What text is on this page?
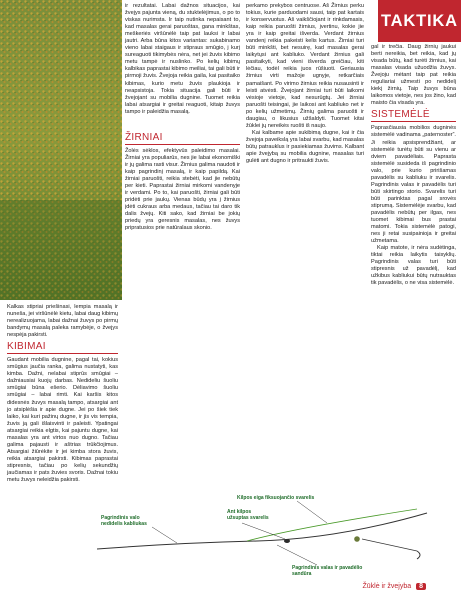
TAKTIKA

Kalkas stipriai priešinasi, lempia masalą ir nuneša, jei viršūnėlė kietu, labai daug kibimų nerealizuojama, labai dažnai žuvys po pirmų bandymų masalą paleka ramybėje, o žvejys nespėja pakirsti.

KIBIMAI

Gaudant mobilia dugnine, pagal tai, kokius smūgius jaučia ranka, galima nustatyti, kas kimba. Dažni, nelabai stiprūs smūgiai – dažniausiai kuojų darbas. Nedideliu šuoliu smūgiai būna ešerio. Dėliavimo šuoliu smūgiai – labai rimti. Kai karšis kitos didesnės žuvys masalą tampo, atsargiai ant jo atsiplėšia ir apie dugne. Jei po šiek tiek laiko, kai kuri pažinų dugne, ir jis vis tempia, žuvis ją gali išlaisvinti ir paleisti. Ypatingai atsargiai reikia elgtis, kai pajuntu dugne, kai masalas yra ant virtos nuo dugno. Tačiau galima pajausti ir aštrias trūkčiojimus. Atsargiai žiūrėkite ir jei kimba stora žuvis, reikia atsargiai pakirsti. Kibimas paprastai stipresnis, tačiau po kelių sekundžių jaučiamas ir pats žuvies svoris. Dažnai tokiu metu žuvys neleidžia pakirsti.

ir rezultatai. Labai dažnos situacijos, kai žvejys pajunta vieną, du stuktelėjimus, o po to viskas nurimsta. Ir taip nutinka nepaisant to, kad masalas gerai paruoštas, gana minkštas, meškeriės viršūnėlė taip pat lauksi ir labai jautri. Arba būna kitos variantas: sukabinamo vieno labai staigaus ir stipraus smūgio, į kurį sureaguoti tikimybės nėra, net jei žuvis kibimo metu tampė ir nuslinko. Po kelių kibimų kalbikas paprastai kibimo meiliai, tai gali būti ir pirmoji žuvis. Žvejoja reikia gaila, kai pasitaiko kibimas, kurio metu žuvis plaukioja ir neapsistoja. Tokia situacija gali būti ir žvejojant su mobilia dugnine. Tuomet reikia labai atsargiai ir greitai reaguoti, kitaip žuvys tampo ir paleidžia masalą.

ŽIRNIAI

Žolės sėklos, efektyvūs paleidimo masalai. Žirniai yra populiarūs, nes jie labai ekonomiški ir jų galima rasti visur. Žirnius galima naudoti ir kaip pagrindinį masalą, ir kaip papildą. Kai žirniai paruošti, reikia stebėti, kad jie nebūtų per kieti. Paprastai žirniai mirkomi vandenyje ir verdami. Po to, kai paruošti, žirniai gali būti pridėti prie jaukų. Vienas būdų yra į žirnius įdėti cukraus arba medaus, tačiau tai daro tik dalis žvejų. Kiti sako, kad žirniai be jokių priedų yra geresnis masalas, nes žuvys pripratusios prie natūralaus skonio.

perkamo prekybos centruose. Aš Žirnius perku tokius, kurie parduodami sausi, taip pat kartais ir konservuotus. Aš vaikščiojant ir rinkdamasis, kaip reikia paruošti žirnius, įvertinu, kokie jie yra ir kaip greitai išverda. Verdant žirnius vandenį reikia pakeisti kelis kartus. Žirniai turi būti minkšti, bet nesuirę, kad masalas gerai laikytųsi ant kabliuko. Verdant žirnius gali pasitaikyti, kad vieni išverda greičiau, kiti lėčiau, todėl reikia juos rūšiuoti. Geriausia žirnius virti mažoje ugnyje, retkarčiais pamaišant. Po virimo žirnius reikia nusausinti ir leisti atvėsti. Žvejojant žirniai turi būti laikomi vėsioje vietoje, kad nesurūgtų. Jei žirniai paruošti teisingai, jie laikosi ant kabliuko net ir po kelių užmetimų. Žirnių galima paruošti ir daugiau, o likusius užšaldyti. Tuomet kitai žūklei jų nereikės ruošti iš naujo.

Kai kalbame apie sukibimą dugne, kai ir čia žvejoja paveikslą yra labai svarbu, kad masalas būtų patrauklus ir pasiekiamas žuvims. Kalbant apie žvejybą su mobilia dugnine, masalas turi gulėti ant dugno ir pritraukti žuvis.

gal ir trečia. Daug žirnių jaukui berti nereikia, bet reikia, kad jų visada būtų, kad turėti žirnius, kai masalas visada užuodžia žuvys. Žvejoju mėtant taip pat reikia reguliariai užmesti po nedidelį kiekį žirnių. Taip žuvys būna laikomos vietoje, nes jos žino, kad maisto čia visada yra.

SISTEMĖLĖ

Paprasčiausia mobilios dugninės sistemėlė vadinama „paternoster“. Ji reikia apsisprendžiant, ar sistemėlė turėtų būti su vienu ar dviem pavadėliais. Paprasta sistemėlė susideda iš pagrindinio valo, prie kurio pririšamas pavadėlis su kabliuku ir svarelis. Pagrindinis valas ir pavadėlis turi būti skirtingo storio. Svarelis turi būti parinktas pagal srovės stiprumą. Sistemėlėje svarbu, kad pavadėlis nebūtų per ilgas, nes tuomet kibimai bus prastai matomi. Tokia sistemėlė patogi, nes ji retai susipainioja ir greitai užmetama.

Kaip matote, ir nėra sudėtinga, tiktai reikia laikytis taisyklių. Pagrindinis valas turi būti stipresnis už pavadėlį, kad užkibus kabliukui būtų nutrauktas tik pavadėlis, o ne visa sistemėlė.

Kilpos eiga fiksuojančio svarelis
Pagrindinis valo nedidelis kabliukas
Ant kilpos užsuptas svarelis
Pagrindinis valas ir pavadėlio sandūra
Žūklė ir žvejyba 8
